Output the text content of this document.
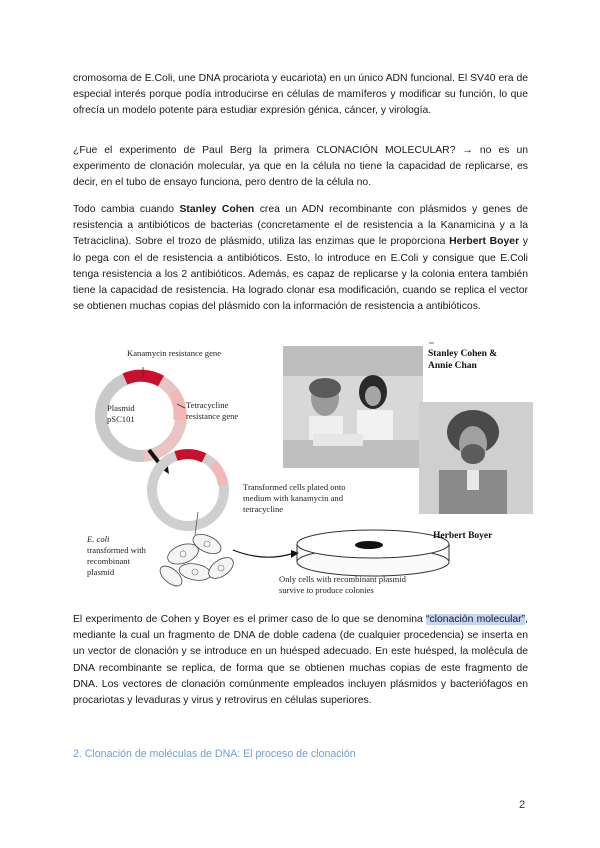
cromosoma de E.Coli, une DNA procariota y eucariota) en un único ADN funcional. El SV40 era de especial interés porque podía introducirse en células de mamíferos y modificar su función, lo que ofrecía un modelo potente para estudiar expresión génica, cáncer, y virología.

¿Fue el experimento de Paul Berg la primera CLONACIÓN MOLECULAR? → no es un experimento de clonación molecular, ya que en la célula no tiene la capacidad de replicarse, es decir, en el tubo de ensayo funciona, pero dentro de la célula no.

Todo cambia cuando Stanley Cohen crea un ADN recombinante con plásmidos y genes de resistencia a antibióticos de bacterias (concretamente el de resistencia a la Kanamicina y a la Tetraciclina). Sobre el trozo de plásmido, utiliza las enzimas que le proporciona Herbert Boyer y lo pega con el de resistencia a antibióticos. Esto, lo introduce en E.Coli y consigue que E.Coli tenga resistencia a los 2 antibióticos. Además, es capaz de replicarse y la colonia entera también tiene la capacidad de resistencia. Ha logrado clonar esa modificación, cuando se replica el vector se obtienen muchas copias del plásmido con la información de resistencia a antibióticos.

Kanamycin resistance gene
Plasmid
pSC101
Tetracycline
resistance gene
Transformed cells plated onto
medium with kanamycin and
tetracycline
E. coli
transformed with
recombinant
plasmid
Only cells with recombinant plasmid
survive to produce colonies
Stanley Cohen &
Annie Chan
Herbert Boyer

El experimento de Cohen y Boyer es el primer caso de lo que se denomina “clonación molecular”, mediante la cual un fragmento de DNA de doble cadena (de cualquier procedencia) se inserta en un vector de clonación y se introduce en un huésped adecuado. En este huésped, la molécula de DNA recombinante se replica, de forma que se obtienen muchas copias de este fragmento de DNA. Los vectores de clonación comúnmente empleados incluyen plásmidos y bacteriófagos en procariotas y levaduras y virus y retrovirus en células superiores.

2. Clonación de moléculas de DNA: El proceso de clonación

2
